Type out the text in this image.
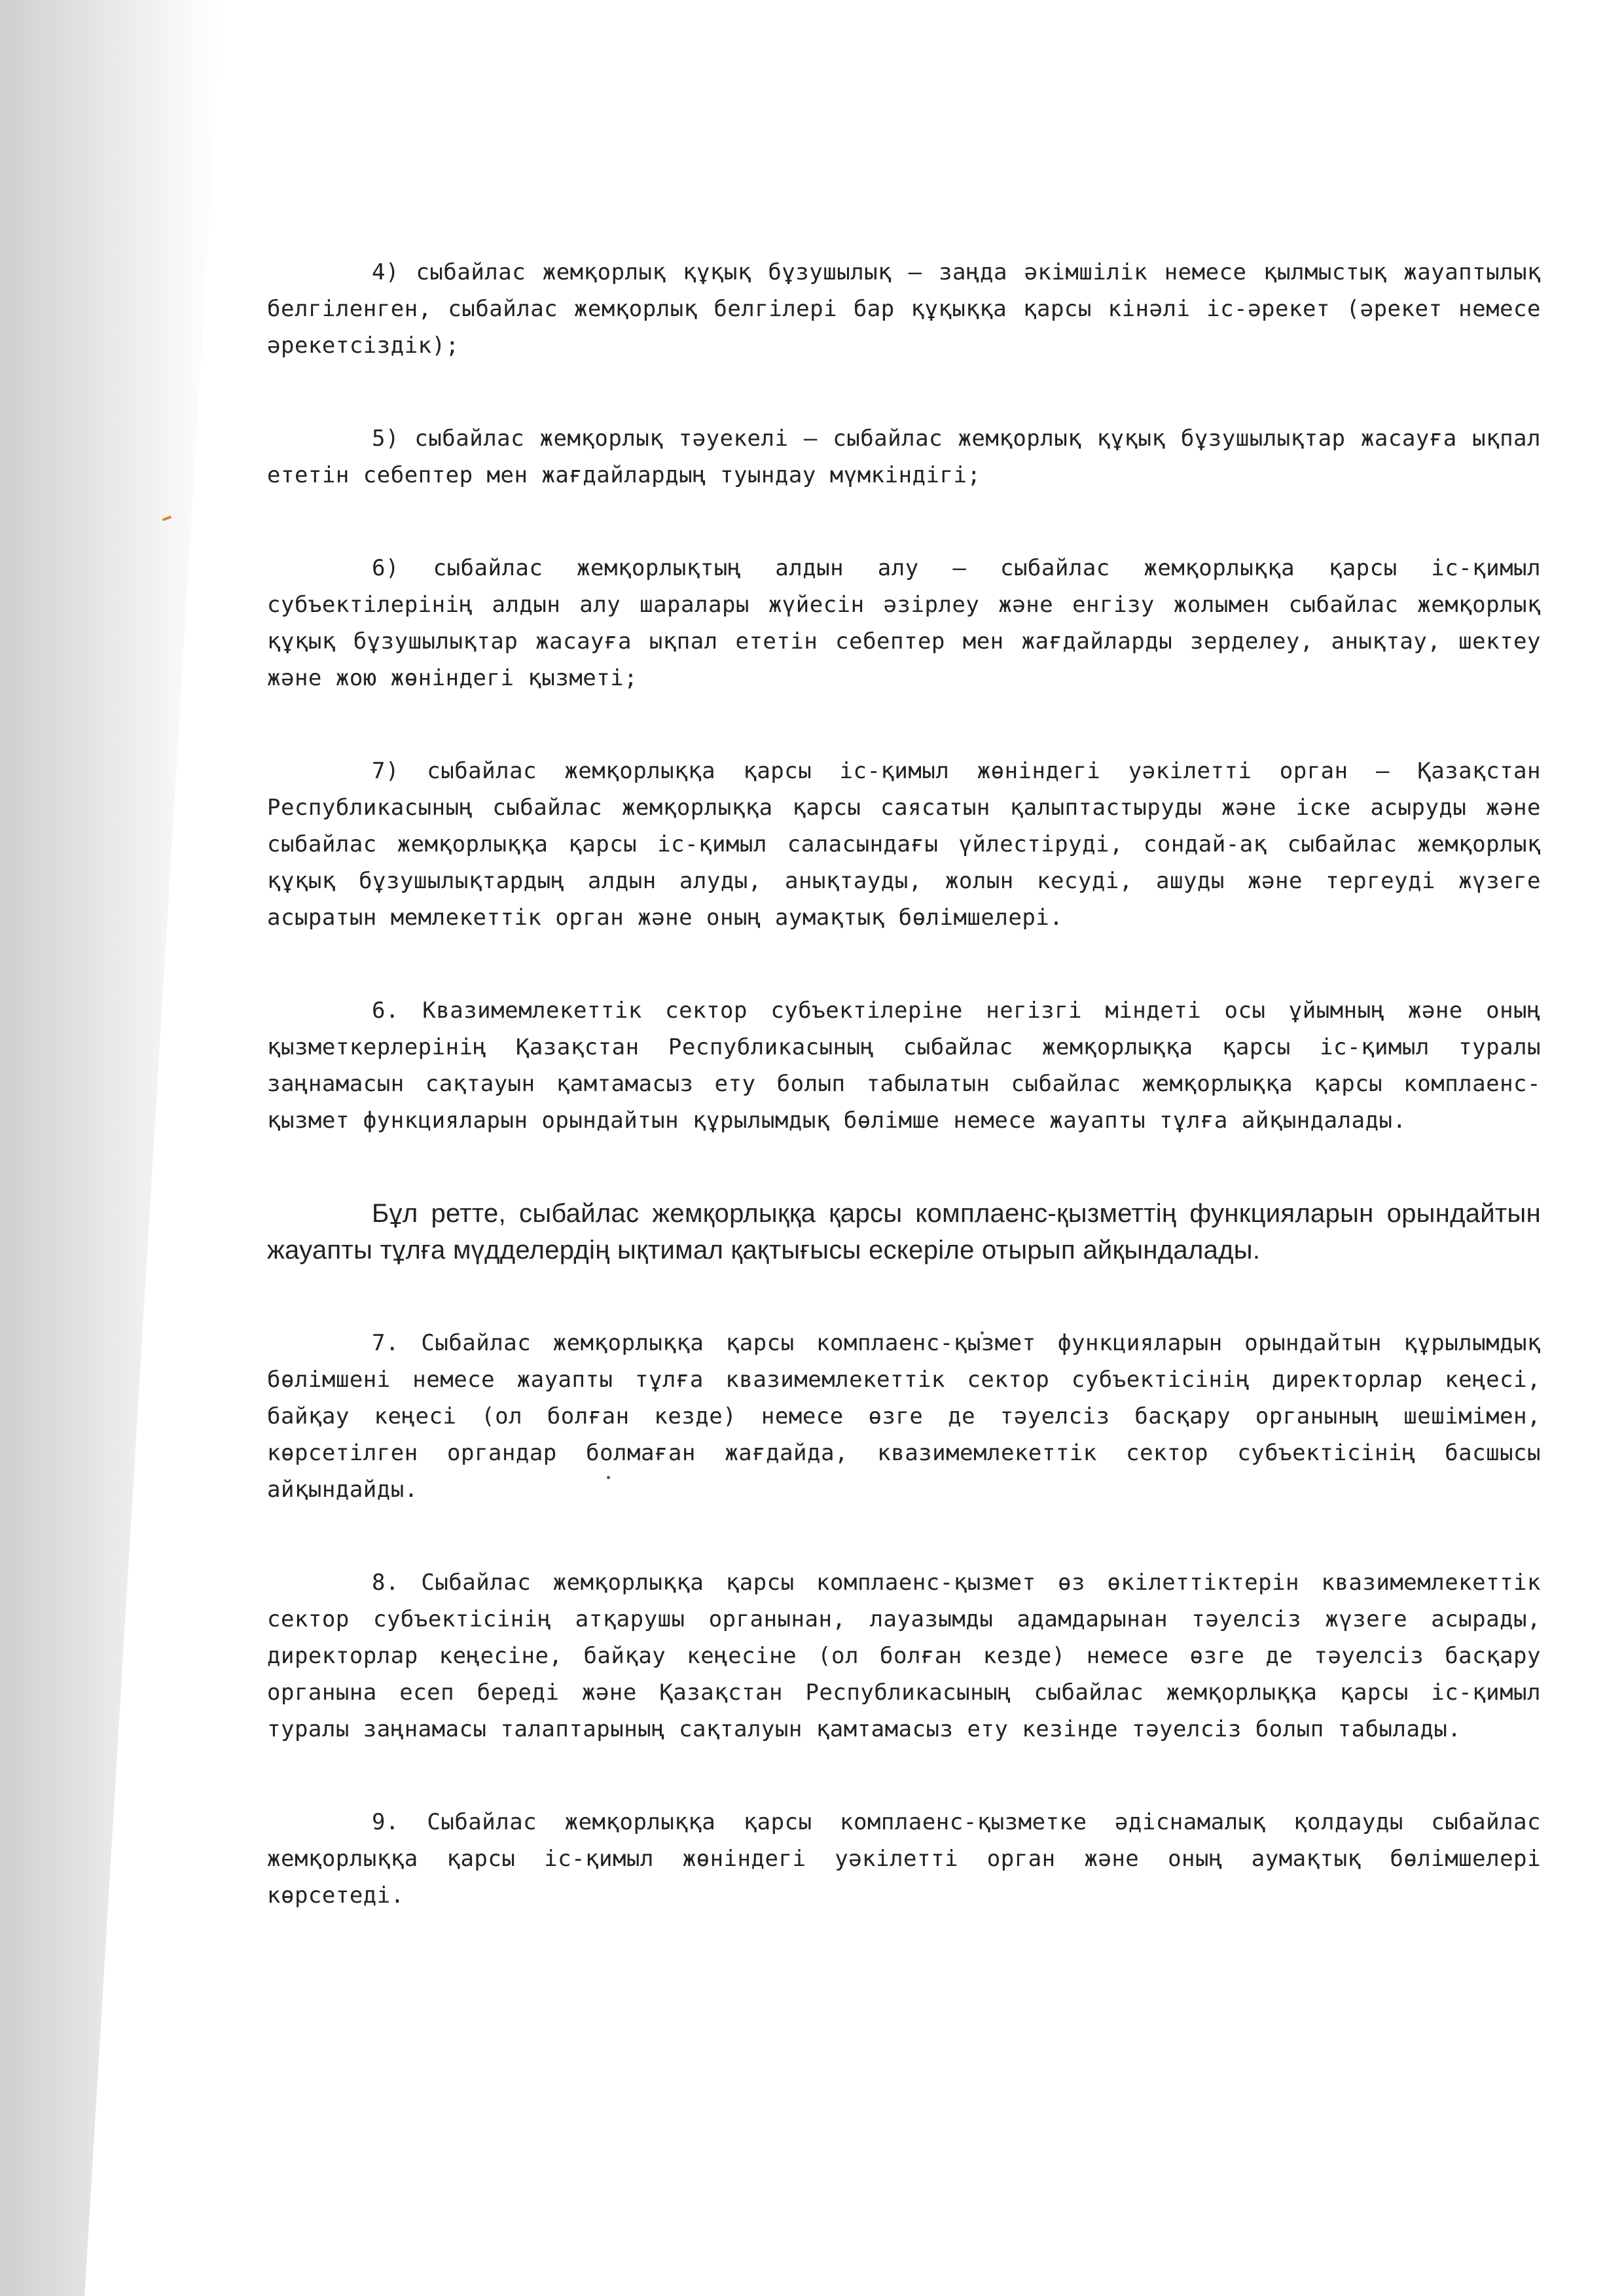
4) сыбайлас жемқорлық құқық бұзушылық – заңда әкімшілік немесе қылмыстық жауаптылық белгіленген, сыбайлас жемқорлық белгілері бар құқыққа қарсы кінәлі іс-әрекет (әрекет немесе әрекетсіздік);

5) сыбайлас жемқорлық тәуекелі – сыбайлас жемқорлық құқық бұзушылықтар жасауға ықпал ететін себептер мен жағдайлардың туындау мүмкіндігі;

6) сыбайлас жемқорлықтың алдын алу – сыбайлас жемқорлыққа қарсы іс-қимыл субъектілерінің алдын алу шаралары жүйесін әзірлеу және енгізу жолымен сыбайлас жемқорлық құқық бұзушылықтар жасауға ықпал ететін себептер мен жағдайларды зерделеу, анықтау, шектеу және жою жөніндегі қызметі;

7) сыбайлас жемқорлыққа қарсы іс-қимыл жөніндегі уәкілетті орган – Қазақстан Республикасының сыбайлас жемқорлыққа қарсы саясатын қалыптастыруды және іске асыруды және сыбайлас жемқорлыққа қарсы іс-қимыл саласындағы үйлестіруді, сондай-ақ сыбайлас жемқорлық құқық бұзушылықтардың алдын алуды, анықтауды, жолын кесуді, ашуды және тергеуді жүзеге асыратын мемлекеттік орган және оның аумақтық бөлімшелері.

6. Квазимемлекеттік сектор субъектілеріне негізгі міндеті осы ұйымның және оның қызметкерлерінің Қазақстан Республикасының сыбайлас жемқорлыққа қарсы іс-қимыл туралы заңнамасын сақтауын қамтамасыз ету болып табылатын сыбайлас жемқорлыққа қарсы комплаенс-қызмет функцияларын орындайтын құрылымдық бөлімше немесе жауапты тұлға айқындалады.

Бұл ретте, сыбайлас жемқорлыққа қарсы комплаенс-қызметтің функцияларын орындайтын жауапты тұлға мүдделердің ықтимал қақтығысы ескеріле отырып айқындалады.

7. Сыбайлас жемқорлыққа қарсы комплаенс-қызмет функцияларын орындайтын құрылымдық бөлімшені немесе жауапты тұлға квазимемлекеттік сектор субъектісінің директорлар кеңесі, байқау кеңесі (ол болған кезде) немесе өзге де тәуелсіз басқару органының шешімімен, көрсетілген органдар болмаған жағдайда, квазимемлекеттік сектор субъектісінің басшысы айқындайды.

8. Сыбайлас жемқорлыққа қарсы комплаенс-қызмет өз өкілеттіктерін квазимемлекеттік сектор субъектісінің атқарушы органынан, лауазымды адамдарынан тәуелсіз жүзеге асырады, директорлар кеңесіне, байқау кеңесіне (ол болған кезде) немесе өзге де тәуелсіз басқару органына есеп береді және Қазақстан Республикасының сыбайлас жемқорлыққа қарсы іс-қимыл туралы заңнамасы талаптарының сақталуын қамтамасыз ету кезінде тәуелсіз болып табылады.

9. Сыбайлас жемқорлыққа қарсы комплаенс-қызметке әдіснамалық қолдауды сыбайлас жемқорлыққа қарсы іс-қимыл жөніндегі уәкілетті орган және оның аумақтық бөлімшелері көрсетеді.
